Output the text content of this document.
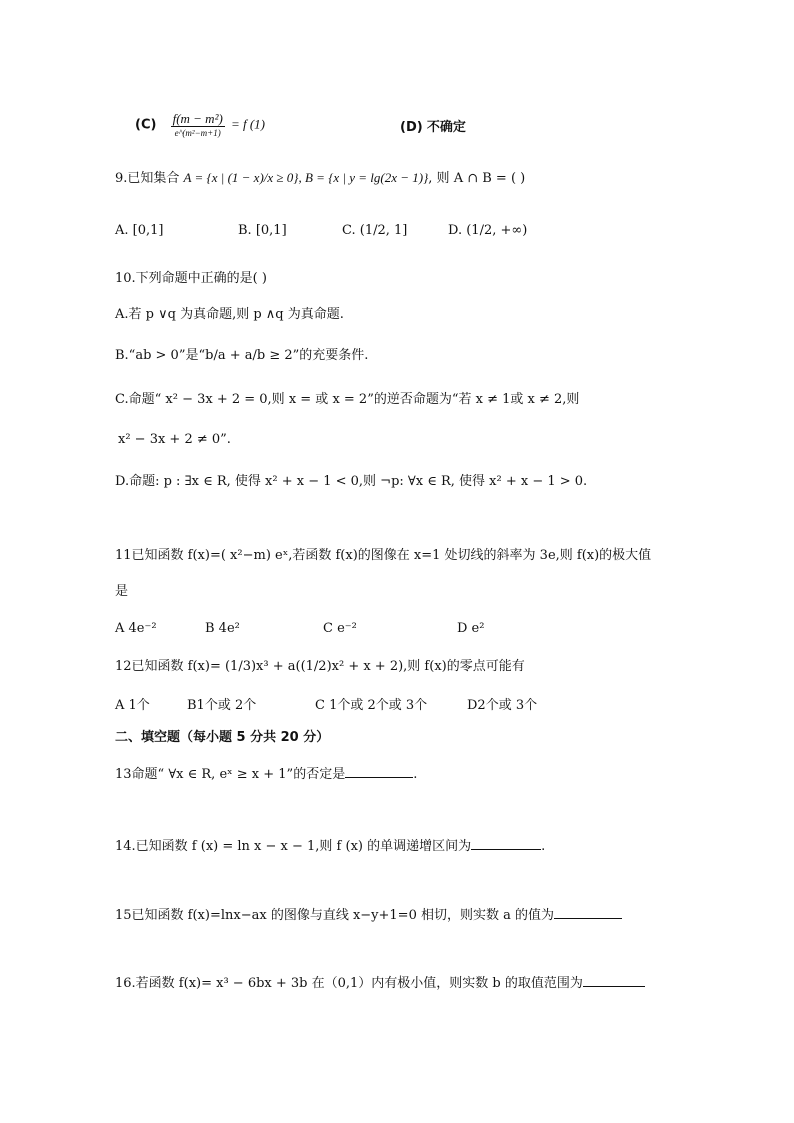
$(C) \frac{\text{f(m − m²)}}{\text{e\textasciicircum{}(m²−m+1)}} = f$ (1)	(D) 不确定
9.已知集合 A = {x | (1 − x)/x ≥ 0}, B = {x | y = lg(2x − 1)}, 则 A ∩ B = ( )
A. [0,1]	B. [0,1]	C. (1/2, 1]	D. (1/2, +∞)
10.下列命题中正确的是( )
A.若 p ∨q 为真命题,则 p ∧q 为真命题.
B.“ab > 0”是“b/a + a/b ≥ 2”的充要条件.
C.命题“ x² − 3x + 2 = 0,则 x = 或 x = 2”的逆否命题为“若 x ≠ 1或 x ≠ 2,则
x² − 3x + 2 ≠ 0”.
D.命题: p : ∃x ∈ R, 使得 x² + x − 1 < 0,则 ¬p: ∀x ∈ R, 使得 x² + x − 1 > 0.
11已知函数 f(x)=( x²−m) eˣ,若函数 f(x)的图像在 x=1 处切线的斜率为 3e,则 f(x)的极大值
是
A 4e⁻²	B 4e²	C e⁻²	D e²
12已知函数 f(x)= (1/3)x³ + a((1/2)x² + x + 2),则 f(x)的零点可能有
A 1个	B1个或 2个	C 1个或 2个或 3个	D2个或 3个
二、填空题（每小题 5 分共 20 分）
13命题“ ∀x ∈ R, eˣ ≥ x + 1”的否定是	.
14.已知函数 f (x) = ln x − x − 1,则 f (x) 的单调递增区间为	.
15已知函数 f(x)=lnx−ax 的图像与直线 x−y+1=0 相切，则实数 a 的值为
16.若函数 f(x)= x³ − 6bx + 3b 在（0,1）内有极小值，则实数 b 的取值范围为
